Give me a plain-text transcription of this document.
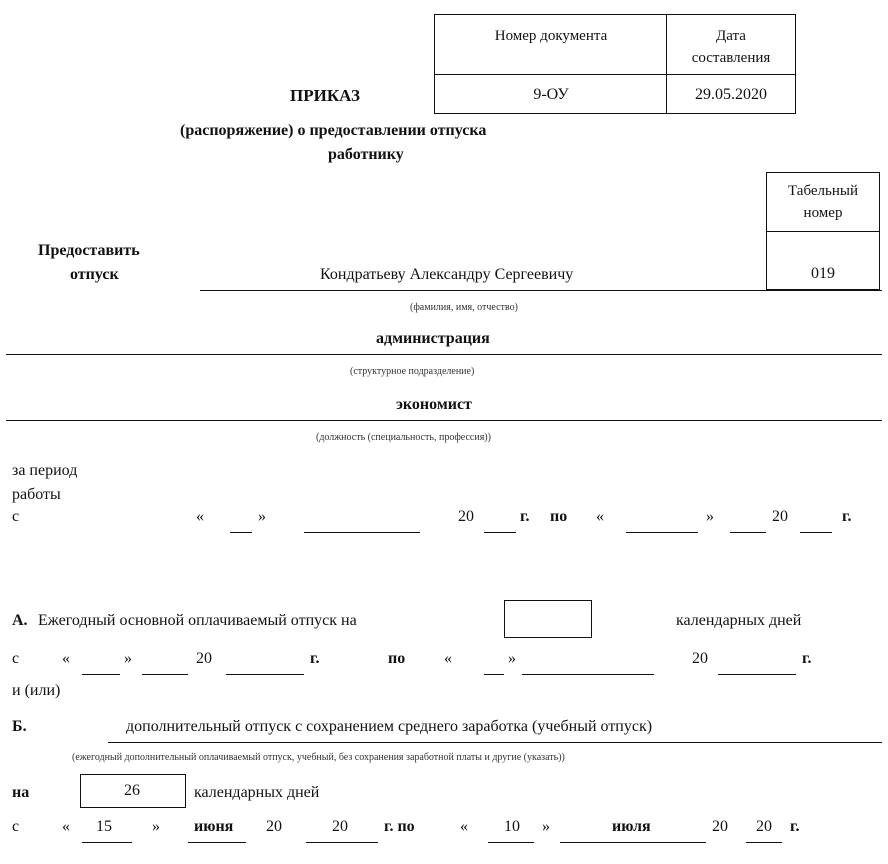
Номер документа	Дата
составления
9-ОУ	29.05.2020
ПРИКАЗ
(распоряжение) о предоставлении отпуска
работнику
Табельный
номер
019
Предоставить
отпуск	Кондратьеву Александру Сергеевичу
(фамилия, имя, отчество)
администрация
(структурное подразделение)
экономист
(должность (специальность, профессия))
за период
работы
с	«	»	20	г. по «	»	20	г.
А. Ежегодный основной оплачиваемый отпуск на	календарных дней
с	«	»	20	г.	по «	»	20	г.
и (или)
Б.	дополнительный отпуск с сохранением среднего заработка (учебный отпуск)
(ежегодный дополнительный оплачиваемый отпуск, учебный, без сохранения заработной платы и другие (указать))
на	26	календарных дней
с	« 15	» июня 20	20 г. по	« 10 »	июля	20 20 г.
